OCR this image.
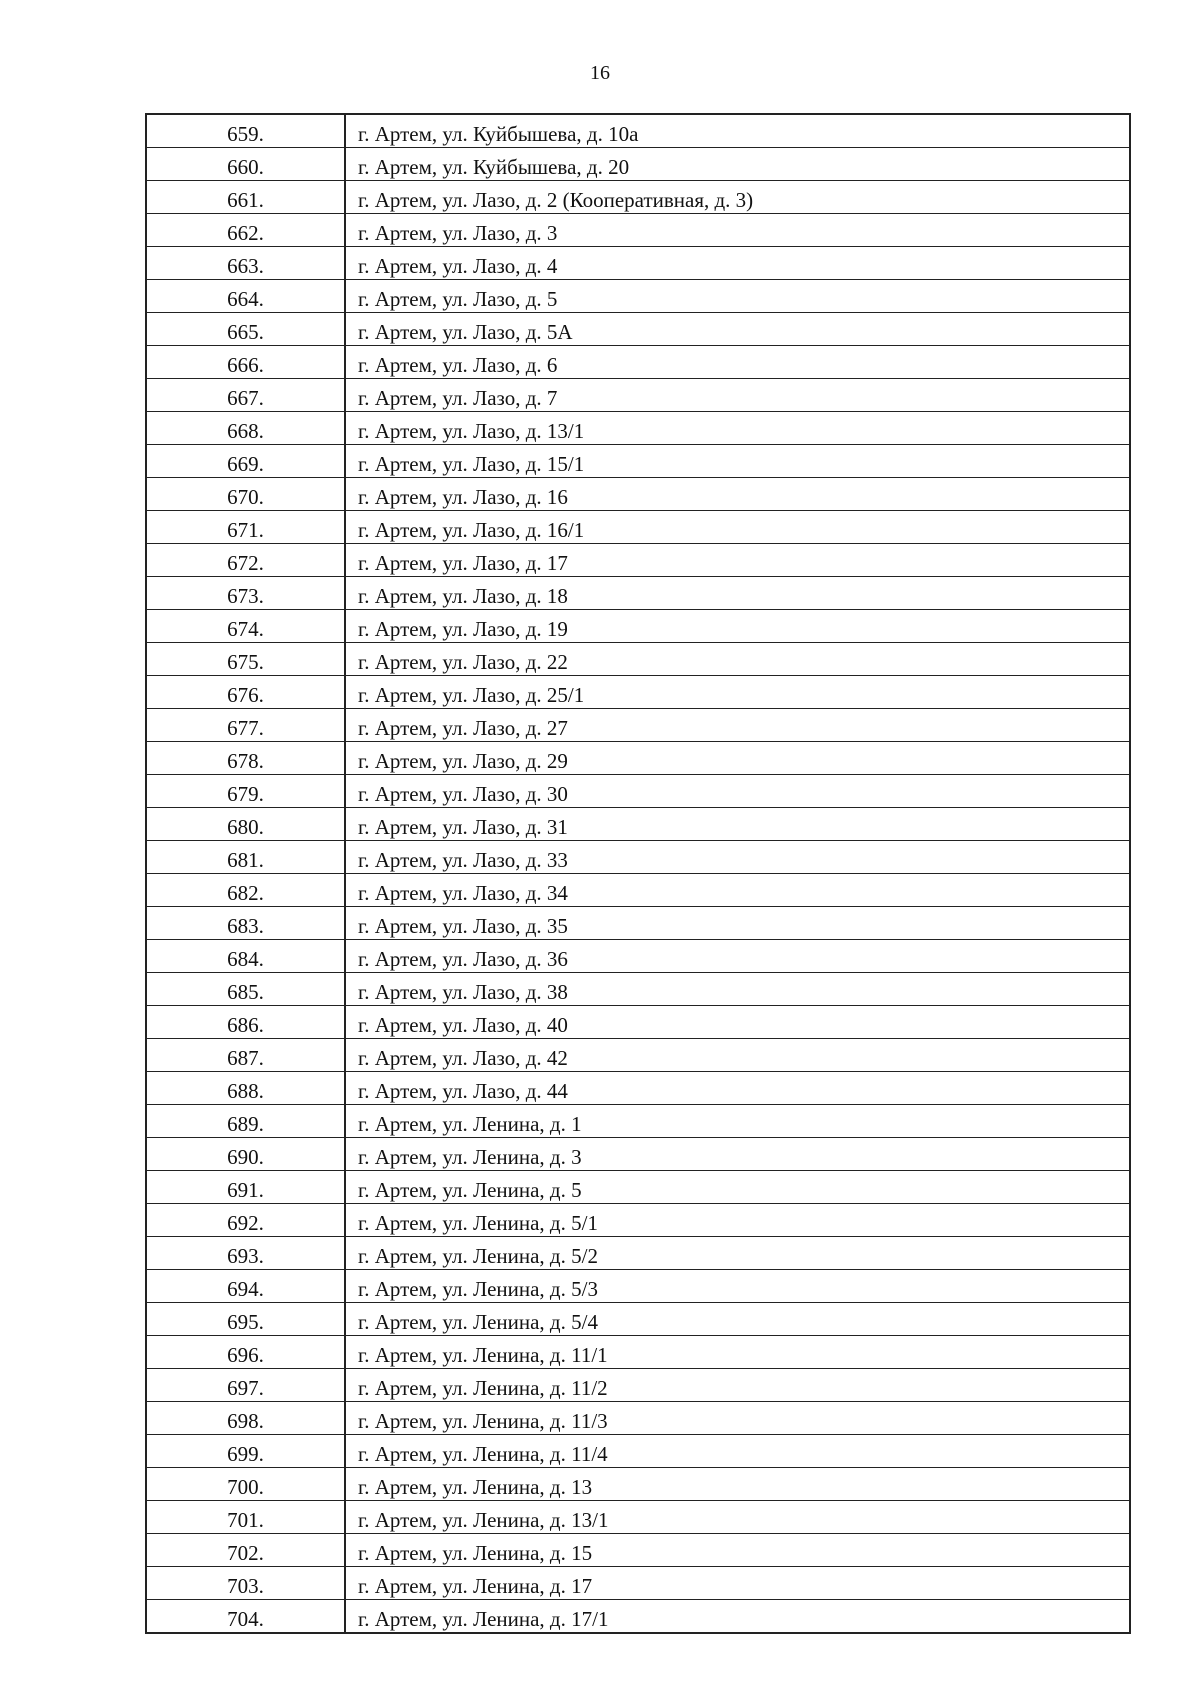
16
659.	г. Артем, ул. Куйбышева, д. 10а
660.	г. Артем, ул. Куйбышева, д. 20
661.	г. Артем, ул. Лазо, д. 2 (Кооперативная, д. 3)
662.	г. Артем, ул. Лазо, д. 3
663.	г. Артем, ул. Лазо, д. 4
664.	г. Артем, ул. Лазо, д. 5
665.	г. Артем, ул. Лазо, д. 5А
666.	г. Артем, ул. Лазо, д. 6
667.	г. Артем, ул. Лазо, д. 7
668.	г. Артем, ул. Лазо, д. 13/1
669.	г. Артем, ул. Лазо, д. 15/1
670.	г. Артем, ул. Лазо, д. 16
671.	г. Артем, ул. Лазо, д. 16/1
672.	г. Артем, ул. Лазо, д. 17
673.	г. Артем, ул. Лазо, д. 18
674.	г. Артем, ул. Лазо, д. 19
675.	г. Артем, ул. Лазо, д. 22
676.	г. Артем, ул. Лазо, д. 25/1
677.	г. Артем, ул. Лазо, д. 27
678.	г. Артем, ул. Лазо, д. 29
679.	г. Артем, ул. Лазо, д. 30
680.	г. Артем, ул. Лазо, д. 31
681.	г. Артем, ул. Лазо, д. 33
682.	г. Артем, ул. Лазо, д. 34
683.	г. Артем, ул. Лазо, д. 35
684.	г. Артем, ул. Лазо, д. 36
685.	г. Артем, ул. Лазо, д. 38
686.	г. Артем, ул. Лазо, д. 40
687.	г. Артем, ул. Лазо, д. 42
688.	г. Артем, ул. Лазо, д. 44
689.	г. Артем, ул. Ленина, д. 1
690.	г. Артем, ул. Ленина, д. 3
691.	г. Артем, ул. Ленина, д. 5
692.	г. Артем, ул. Ленина, д. 5/1
693.	г. Артем, ул. Ленина, д. 5/2
694.	г. Артем, ул. Ленина, д. 5/3
695.	г. Артем, ул. Ленина, д. 5/4
696.	г. Артем, ул. Ленина, д. 11/1
697.	г. Артем, ул. Ленина, д. 11/2
698.	г. Артем, ул. Ленина, д. 11/3
699.	г. Артем, ул. Ленина, д. 11/4
700.	г. Артем, ул. Ленина, д. 13
701.	г. Артем, ул. Ленина, д. 13/1
702.	г. Артем, ул. Ленина, д. 15
703.	г. Артем, ул. Ленина, д. 17
704.	г. Артем, ул. Ленина, д. 17/1
